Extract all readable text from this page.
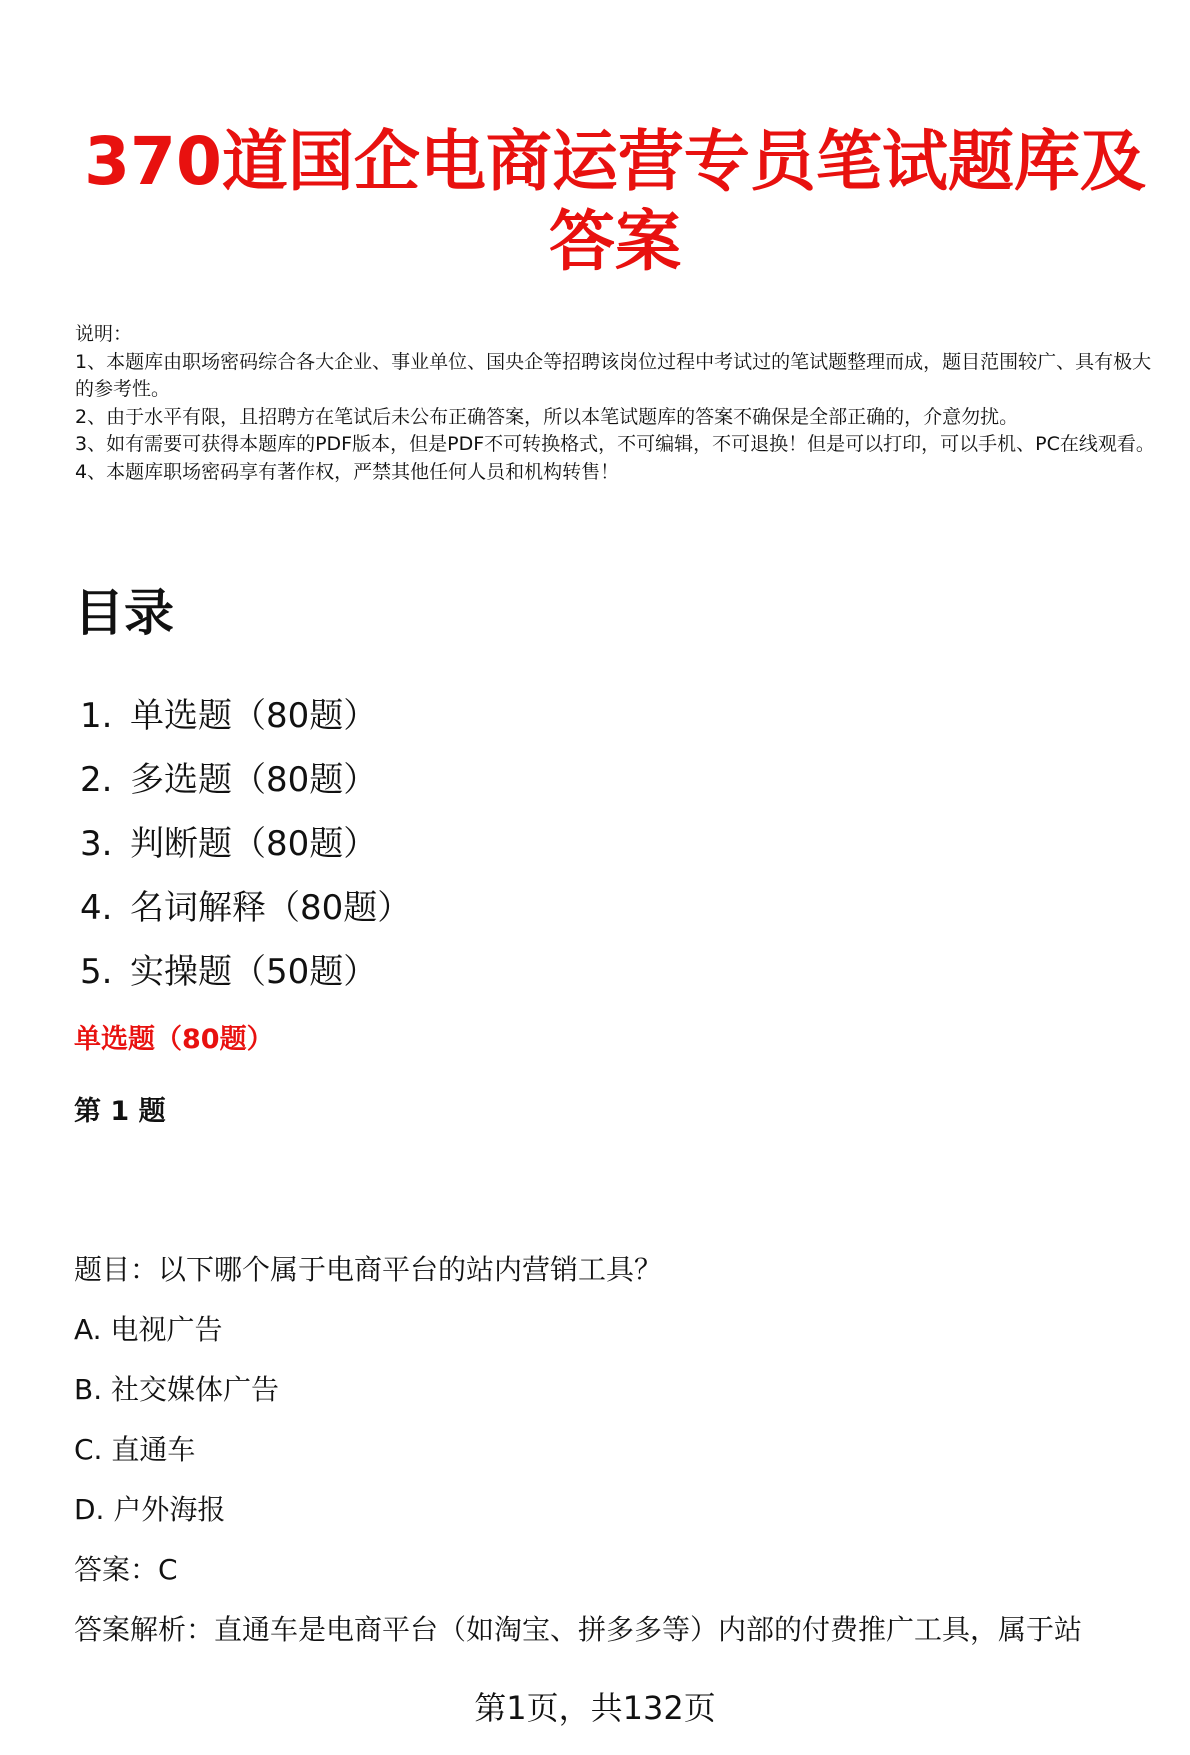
370道国企电商运营专员笔试题库及
答案
说明：
1、本题库由职场密码综合各大企业、事业单位、国央企等招聘该岗位过程中考试过的笔试题整理而成，题目范围较广、具有极大的参考性。
2、由于水平有限，且招聘方在笔试后未公布正确答案，所以本笔试题库的答案不确保是全部正确的，介意勿扰。
3、如有需要可获得本题库的PDF版本，但是PDF不可转换格式，不可编辑，不可退换！但是可以打印，可以手机、PC在线观看。
4、本题库职场密码享有著作权，严禁其他任何人员和机构转售！
目录
1. 单选题（80题）
2. 多选题（80题）
3. 判断题（80题）
4. 名词解释（80题）
5. 实操题（50题）
单选题（80题）
第 1 题
题目：以下哪个属于电商平台的站内营销工具？
A. 电视广告
B. 社交媒体广告
C. 直通车
D. 户外海报
答案：C
答案解析：直通车是电商平台（如淘宝、拼多多等）内部的付费推广工具，属于站
第1页，共132页
